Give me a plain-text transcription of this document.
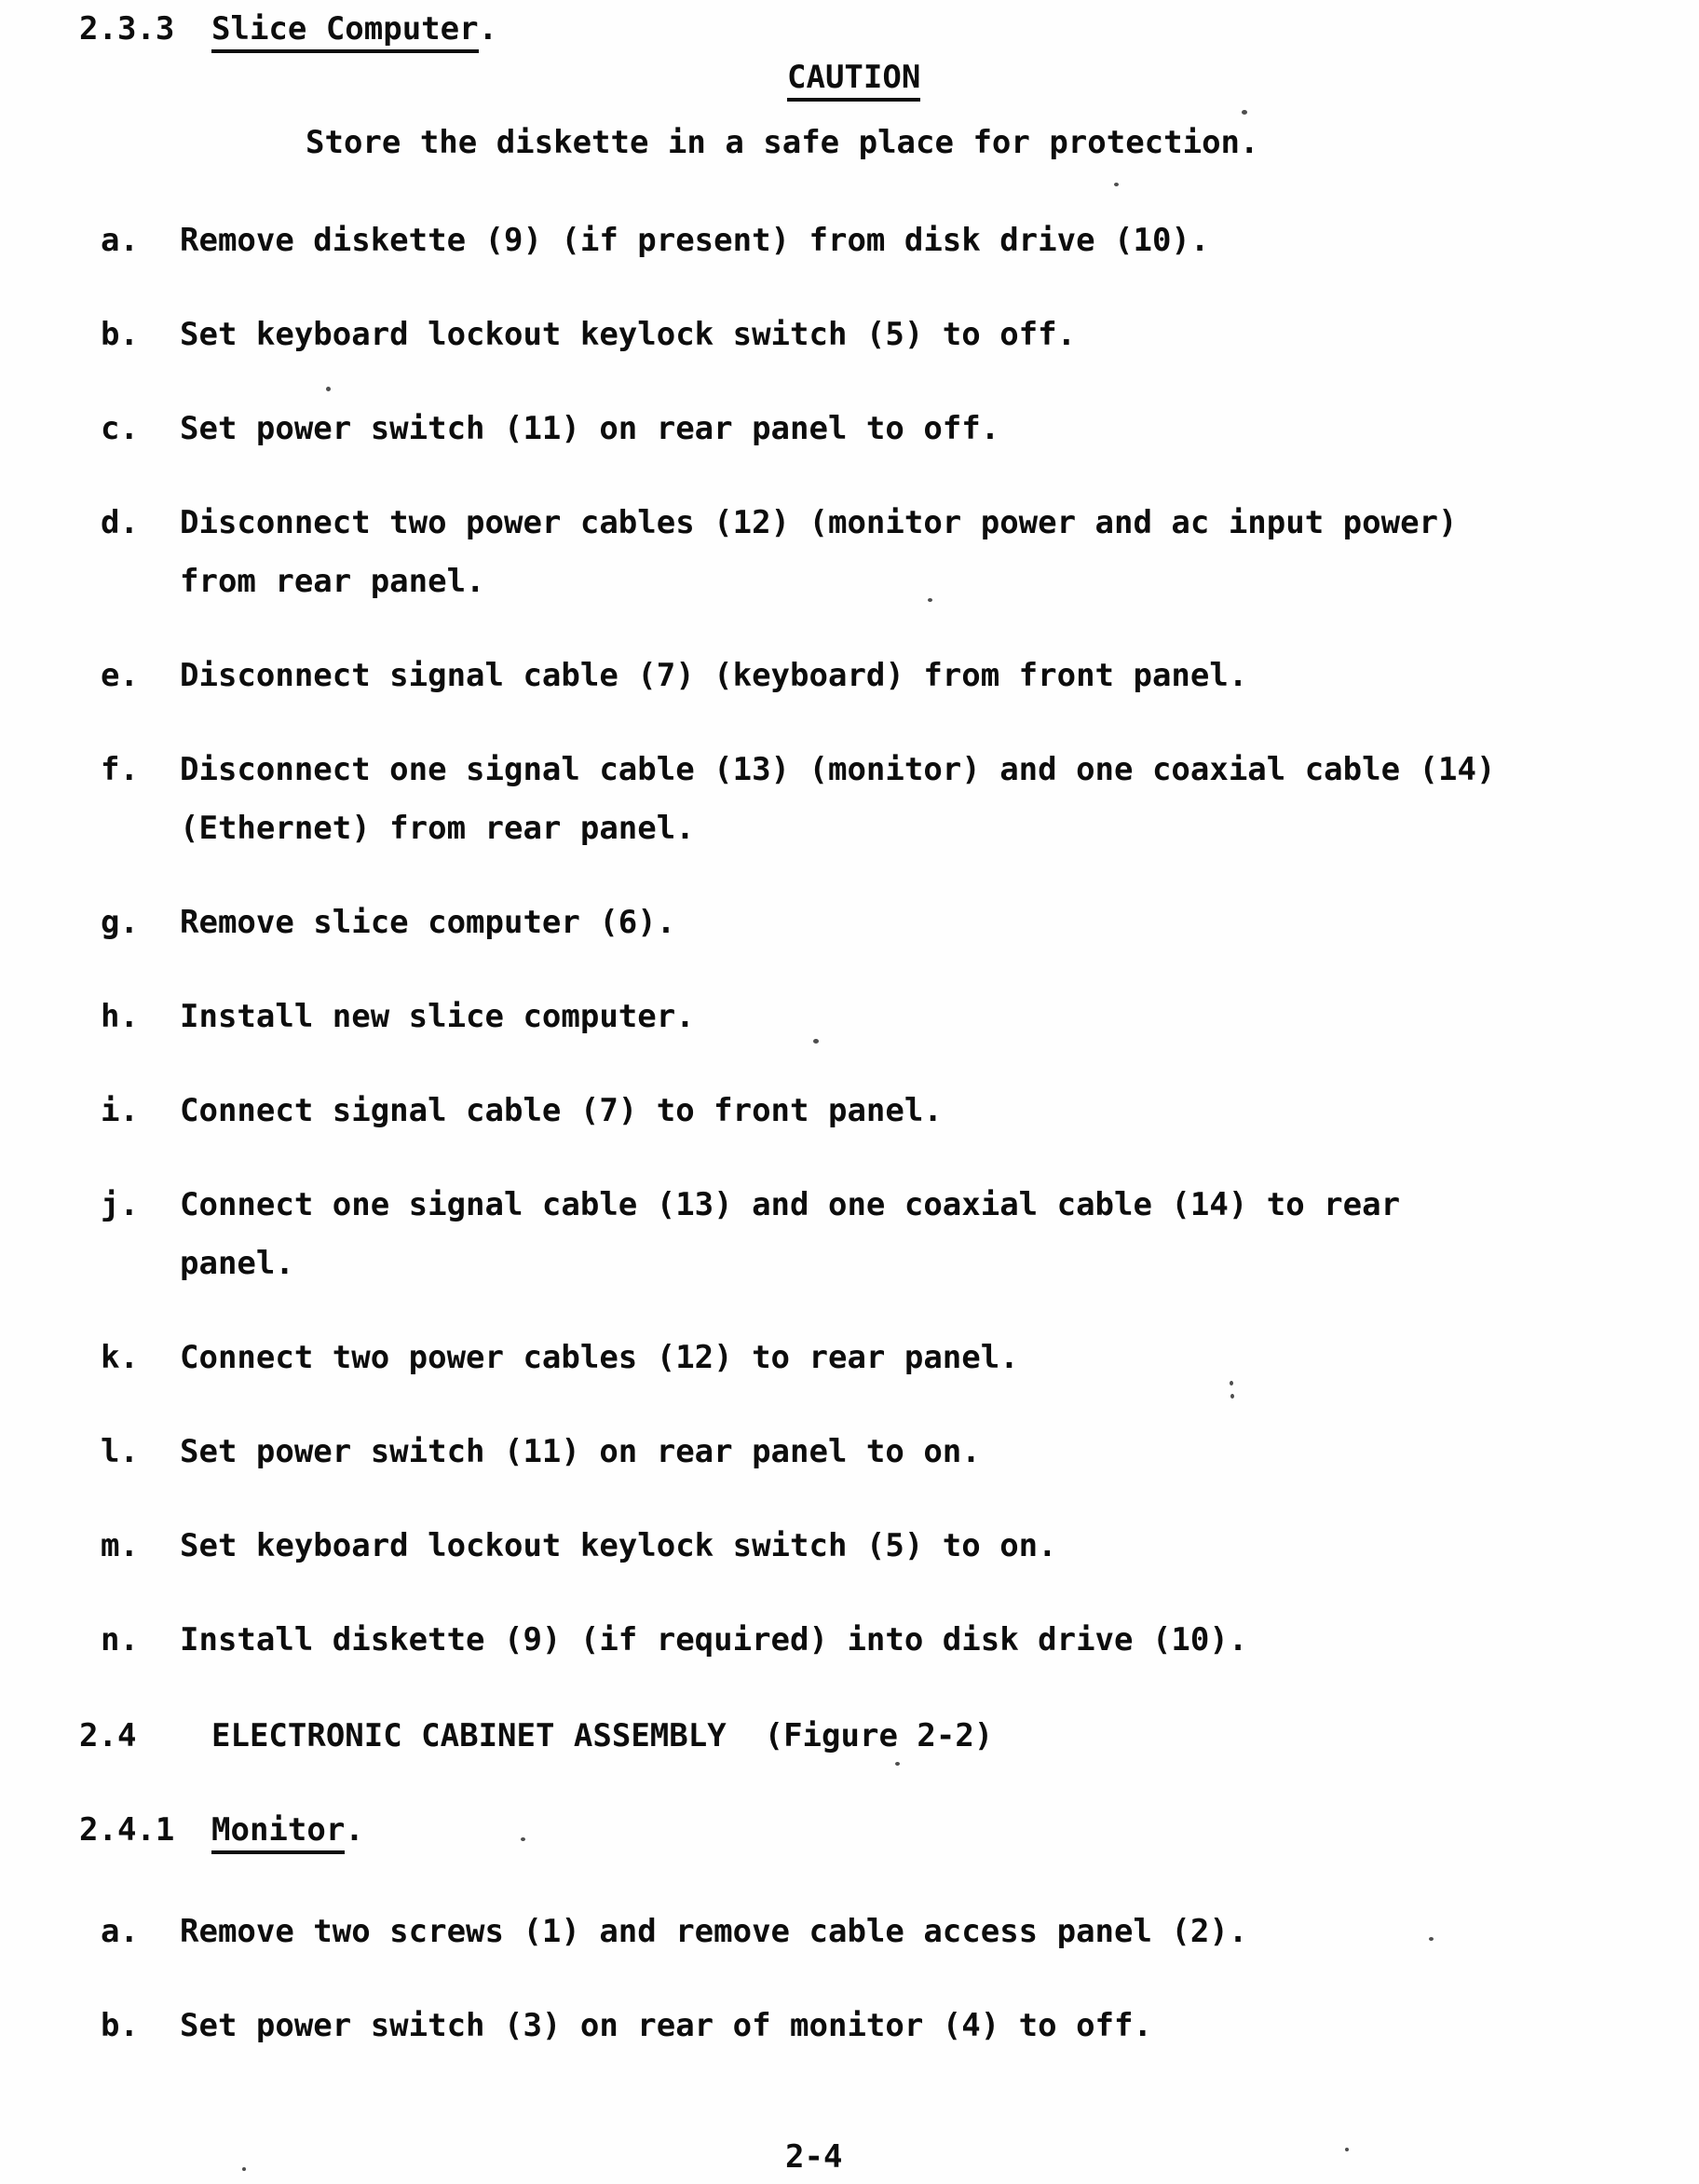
2.3.3 Slice Computer.
CAUTION
Store the diskette in a safe place for protection.
a. Remove diskette (9) (if present) from disk drive (10).
b. Set keyboard lockout keylock switch (5) to off.
c. Set power switch (11) on rear panel to off.
d. Disconnect two power cables (12) (monitor power and ac input power)
from rear panel.
e. Disconnect signal cable (7) (keyboard) from front panel.
f. Disconnect one signal cable (13) (monitor) and one coaxial cable (14)
(Ethernet) from rear panel.
g. Remove slice computer (6).
h. Install new slice computer.
i. Connect signal cable (7) to front panel.
j. Connect one signal cable (13) and one coaxial cable (14) to rear
panel.
k. Connect two power cables (12) to rear panel.
l. Set power switch (11) on rear panel to on.
m. Set keyboard lockout keylock switch (5) to on.
n. Install diskette (9) (if required) into disk drive (10).
2.4 ELECTRONIC CABINET ASSEMBLY  (Figure 2-2)
2.4.1 Monitor.
a. Remove two screws (1) and remove cable access panel (2).
b. Set power switch (3) on rear of monitor (4) to off.
2-4
